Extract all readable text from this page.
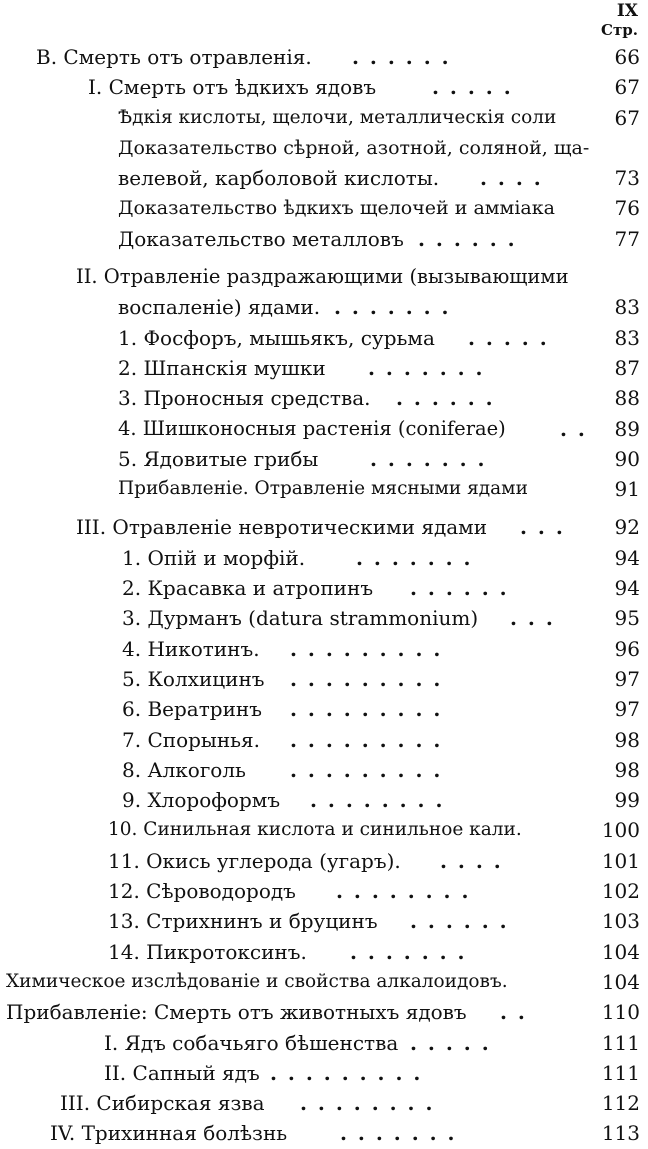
IX
Стр.
В. Смерть отъ отравленія. . . . . . .	66
I. Смерть отъ ѣдкихъ ядовъ	. . . . .	67
Ѣдкія кислоты, щелочи, металлическія соли	67
Доказательство сѣрной, азотной, соляной, ща-
велевой, карболовой кислоты. . . . .	73
Доказательство ѣдкихъ щелочей и амміака	76
Доказательство металловъ . . . . . .	77
II. Отравленіе раздражающими (вызывающими
воспаленіе) ядами. . . . . . . .	83
1. Фосфоръ, мышьякъ, сурьма . . . . .	83
2. Шпанскія мушки . . . . . . .	87
3. Проносныя средства. . . . . . .	88
4. Шишконосныя растенія (coniferae)	. .	89
5. Ядовитые грибы	. . . . . . .	90
Прибавленіе. Отравленіе мясными ядами	91
III. Отравленіе невротическими ядами . . .	92
1. Опій и морфій.	. . . . . . .	94
2. Красавка и атропинъ . . . . . .	94
3. Дурманъ (datura strammonium) . . .	95
4. Никотинъ. . . . . . . . . .	96
5. Колхицинъ . . . . . . . . .	97
6. Вератринъ . . . . . . . . .	97
7. Спорынья. . . . . . . . . .	98
8. Алкоголь . . . . . . . . .	98
9. Хлороформъ . . . . . . . .	99
10. Синильная кислота и синильное кали.	100
11. Окись углерода (угаръ). . . . .	101
12. Сѣроводородъ . . . . . . . .	102
13. Стрихнинъ и бруцинъ . . . . . .	103
14. Пикротоксинъ. . . . . . . .	104
Химическое изслѣдованіе и свойства алкалоидовъ.	104
Прибавленіе: Смерть отъ животныхъ ядовъ . .	110
I. Ядъ собачьяго бѣшенства . . . . .	111
II. Сапный ядъ . . . . . . . . .	111
III. Сибирская язва . . . . . . . .	112
IV. Трихинная болѣзнь	. . . . . . .	113
